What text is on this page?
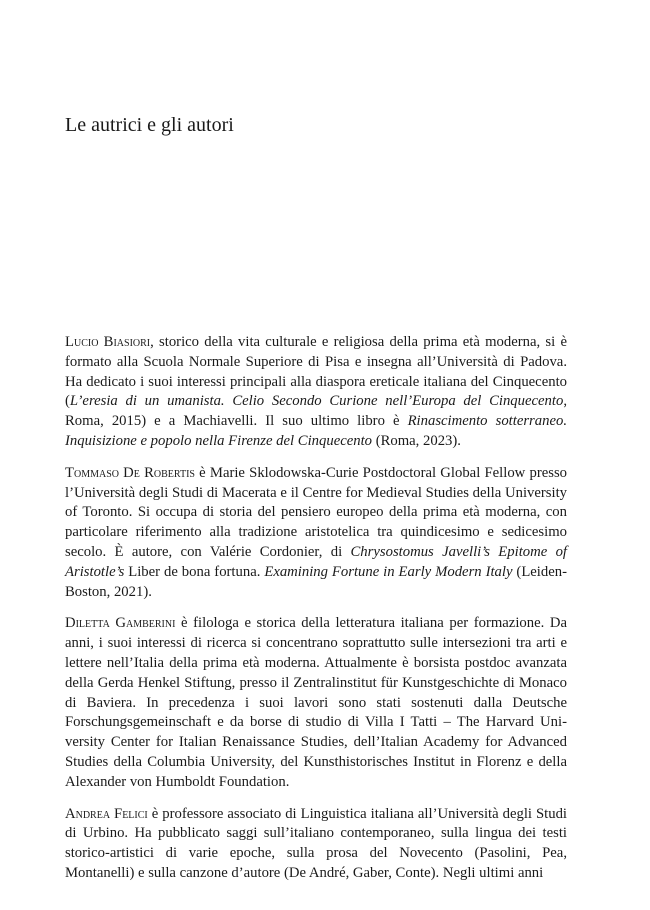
Le autrici e gli autori

Lucio Biasiori, storico della vita culturale e religiosa della prima età moderna, si è formato alla Scuola Normale Superiore di Pisa e insegna all’Università di Padova. Ha dedicato i suoi interessi principali alla diaspora ereticale italiana del Cinquecento (L’eresia di un umanista. Celio Secondo Curione nell’Europa del Cinquecento, Roma, 2015) e a Machiavelli. Il suo ultimo libro è Rinascimento sotterraneo. Inquisizione e popolo nella Firenze del Cinquecento (Roma, 2023).

Tommaso De Robertis è Marie Sklodowska-Curie Postdoctoral Global Fellow presso l’Università degli Studi di Macerata e il Centre for Medieval Studies della University of Toronto. Si occupa di storia del pensiero europeo della prima età moderna, con particolare riferimento alla tradizione aristotelica tra quindicesimo e sedicesimo secolo. È autore, con Valérie Cordonier, di Chrysostomus Javelli’s Epitome of Aristotle’s Liber de bona fortuna. Examining Fortune in Early Modern Italy (Leiden-Boston, 2021).

Diletta Gamberini è filologa e storica della letteratura italiana per formazione. Da anni, i suoi interessi di ricerca si concentrano soprattutto sulle intersezioni tra arti e lettere nell’Italia della prima età moderna. Attualmente è borsista postdoc avanzata della Gerda Henkel Stiftung, presso il Zentralinstitut für Kunstgeschichte di Monaco di Baviera. In precedenza i suoi lavori sono stati sostenuti dalla Deutsche Forschungsgemeinschaft e da borse di studio di Villa I Tatti – The Harvard University Center for Italian Renaissance Studies, dell’Italian Academy for Advanced Studies della Columbia University, del Kunsthistorisches Institut in Florenz e della Alexander von Humboldt Foundation.

Andrea Felici è professore associato di Linguistica italiana all’Università degli Studi di Urbino. Ha pubblicato saggi sull’italiano contemporaneo, sulla lingua dei testi storico-artistici di varie epoche, sulla prosa del Novecento (Pasolini, Pea, Montanelli) e sulla canzone d’autore (De André, Gaber, Conte). Negli ultimi anni
